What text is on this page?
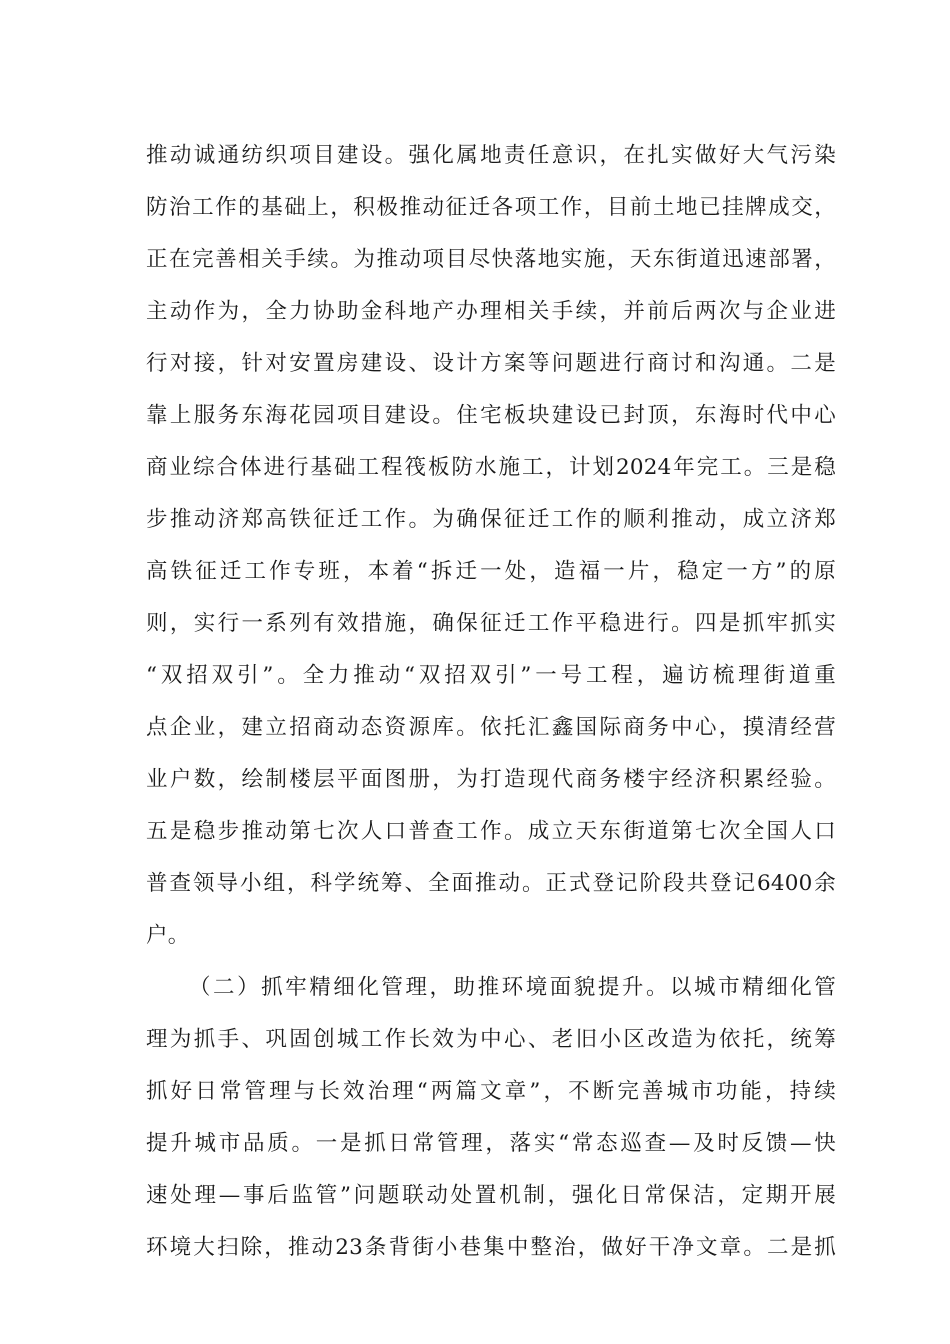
推动诚通纺织项目建设。强化属地责任意识，在扎实做好大气污染
防治工作的基础上，积极推动征迁各项工作，目前土地已挂牌成交，
正在完善相关手续。为推动项目尽快落地实施，天东街道迅速部署，
主动作为，全力协助金科地产办理相关手续，并前后两次与企业进
行对接，针对安置房建设、设计方案等问题进行商讨和沟通。二是
靠上服务东海花园项目建设。住宅板块建设已封顶，东海时代中心
商业综合体进行基础工程筏板防水施工，计划2024年完工。三是稳
步推动济郑高铁征迁工作。为确保征迁工作的顺利推动，成立济郑
高铁征迁工作专班，本着“拆迁一处，造福一片，稳定一方”的原
则，实行一系列有效措施，确保征迁工作平稳进行。四是抓牢抓实
“双招双引”。全力推动“双招双引”一号工程，遍访梳理街道重
点企业，建立招商动态资源库。依托汇鑫国际商务中心，摸清经营
业户数，绘制楼层平面图册，为打造现代商务楼宇经济积累经验。
五是稳步推动第七次人口普查工作。成立天东街道第七次全国人口
普查领导小组，科学统筹、全面推动。正式登记阶段共登记6400余
户。
（二）抓牢精细化管理，助推环境面貌提升。以城市精细化管
理为抓手、巩固创城工作长效为中心、老旧小区改造为依托，统筹
抓好日常管理与长效治理“两篇文章”，不断完善城市功能，持续
提升城市品质。一是抓日常管理，落实“常态巡查—及时反馈—快
速处理—事后监管”问题联动处置机制，强化日常保洁，定期开展
环境大扫除，推动23条背街小巷集中整治，做好干净文章。二是抓
